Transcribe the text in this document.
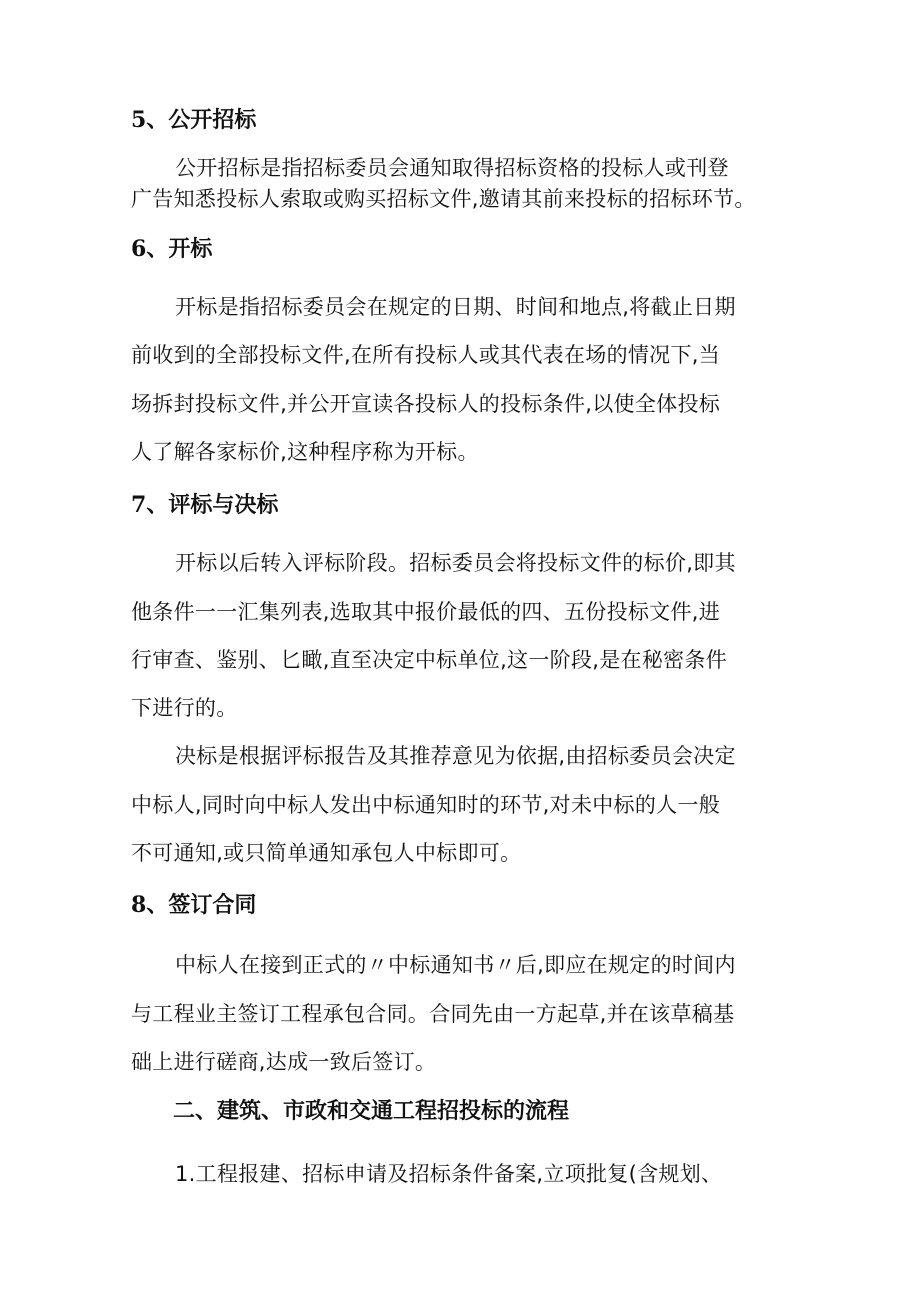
5、公开招标
公开招标是指招标委员会通知取得招标资格的投标人或刊登
广告知悉投标人索取或购买招标文件,邀请其前来投标的招标环节。
6、开标
开标是指招标委员会在规定的日期、时间和地点,将截止日期
前收到的全部投标文件,在所有投标人或其代表在场的情况下,当
场拆封投标文件,并公开宣读各投标人的投标条件,以使全体投标
人了解各家标价,这种程序称为开标。
7、评标与决标
开标以后转入评标阶段。招标委员会将投标文件的标价,即其
他条件一一汇集列表,选取其中报价最低的四、五份投标文件,进
行审查、鉴别、匕瞰,直至决定中标单位,这一阶段,是在秘密条件
下进行的。
决标是根据评标报告及其推荐意见为依据,由招标委员会决定
中标人,同时向中标人发出中标通知时的环节,对未中标的人一般
不可通知,或只简单通知承包人中标即可。
8、签订合同
中标人在接到正式的〃中标通知书〃后,即应在规定的时间内
与工程业主签订工程承包合同。合同先由一方起草,并在该草稿基
础上进行磋商,达成一致后签订。
二、建筑、市政和交通工程招投标的流程
1.工程报建、招标申请及招标条件备案,立项批复(含规划、
